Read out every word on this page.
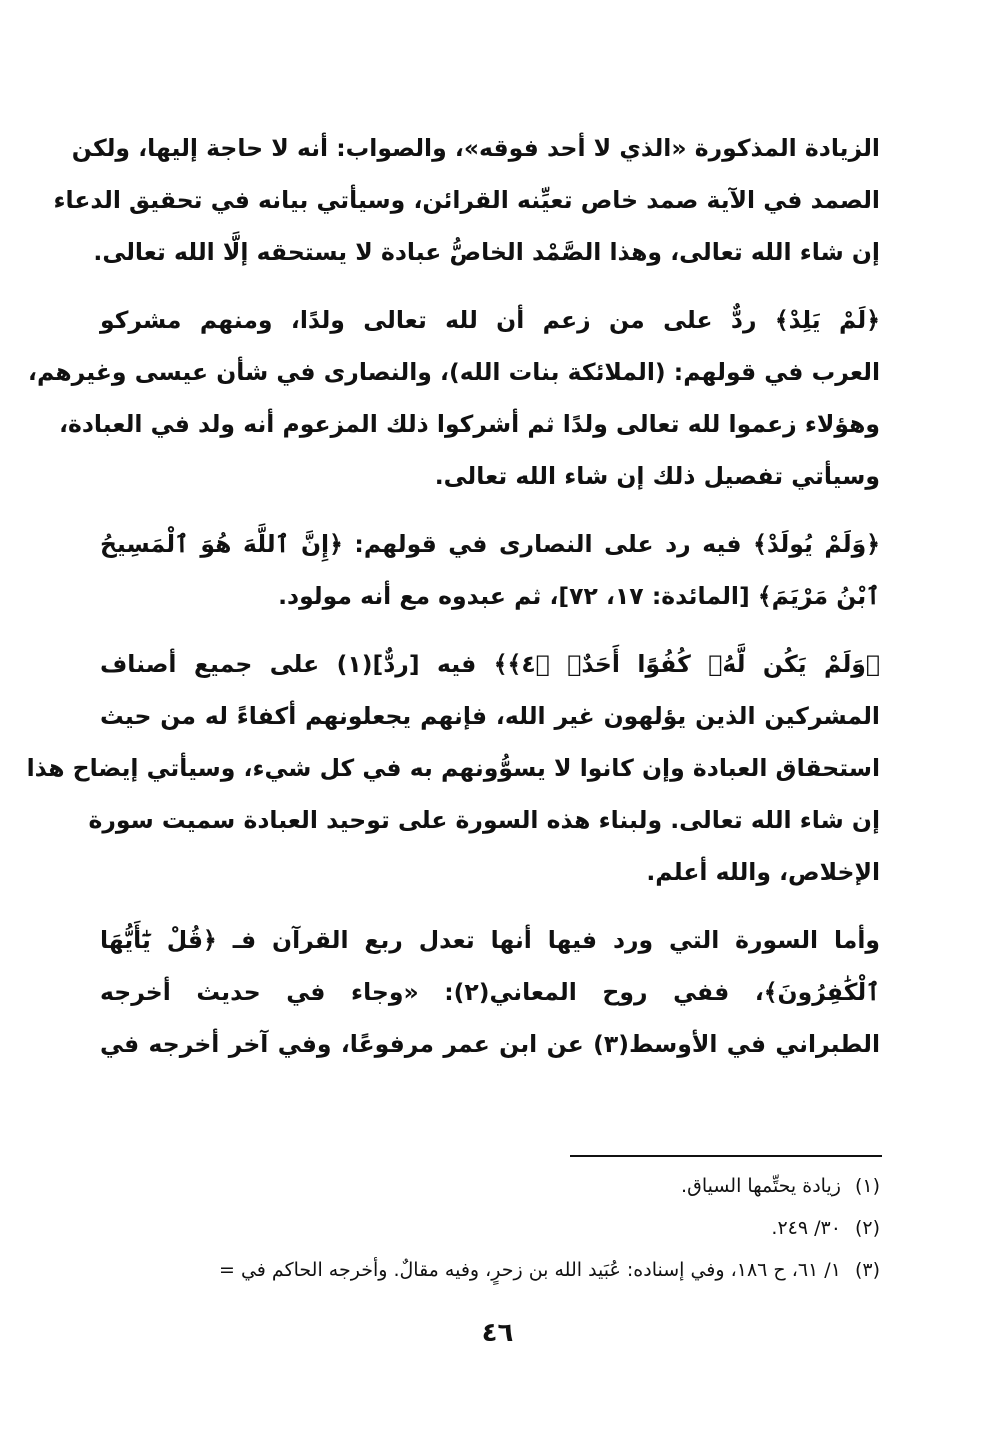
الزيادة المذكورة «الذي لا أحد فوقه»، والصواب: أنه لا حاجة إليها، ولكن
الصمد في الآية صمد خاص تعيِّنه القرائن، وسيأتي بيانه في تحقيق الدعاء
إن شاء الله تعالى، وهذا الصَّمْد الخاصُّ عبادة لا يستحقه إلَّا الله تعالى.
﴿لَمْ يَلِدْ﴾ ردٌّ على من زعم أن لله تعالى ولدًا، ومنهم مشركو
العرب في قولهم: (الملائكة بنات الله)، والنصارى في شأن عيسى وغيرهم،
وهؤلاء زعموا لله تعالى ولدًا ثم أشركوا ذلك المزعوم أنه ولد في العبادة،
وسيأتي تفصيل ذلك إن شاء الله تعالى.
﴿وَلَمْ يُولَدْ﴾ فيه رد على النصارى في قولهم: ﴿إِنَّ ٱللَّهَ هُوَ ٱلْمَسِيحُ
ٱبْنُ مَرْيَمَ﴾ [المائدة: ١٧، ٧٢]، ثم عبدوه مع أنه مولود.
﴿وَلَمْ يَكُن لَّهُۥ كُفُوًا أَحَدٌۢ ﴿٤﴾﴾ فيه [ردٌّ](١) على جميع أصناف
المشركين الذين يؤلهون غير الله، فإنهم يجعلونهم أكفاءً له من حيث
استحقاق العبادة وإن كانوا لا يسوُّونهم به في كل شيء، وسيأتي إيضاح هذا
إن شاء الله تعالى. ولبناء هذه السورة على توحيد العبادة سميت سورة
الإخلاص، والله أعلم.
وأما السورة التي ورد فيها أنها تعدل ربع القرآن فـ ﴿قُلْ يَٰٓأَيُّهَا
ٱلْكَٰفِرُونَ﴾، ففي روح المعاني(٢): «وجاء في حديث أخرجه
الطبراني في الأوسط(٣) عن ابن عمر مرفوعًا، وفي آخر أخرجه في
(١)زيادة يحتِّمها السياق.
(٢)٣٠/ ٢٤٩.
(٣)١/ ٦١، ح ١٨٦، وفي إسناده: عُبَيد الله بن زحرٍ، وفيه مقالٌ. وأخرجه الحاكم في =
٤٦
